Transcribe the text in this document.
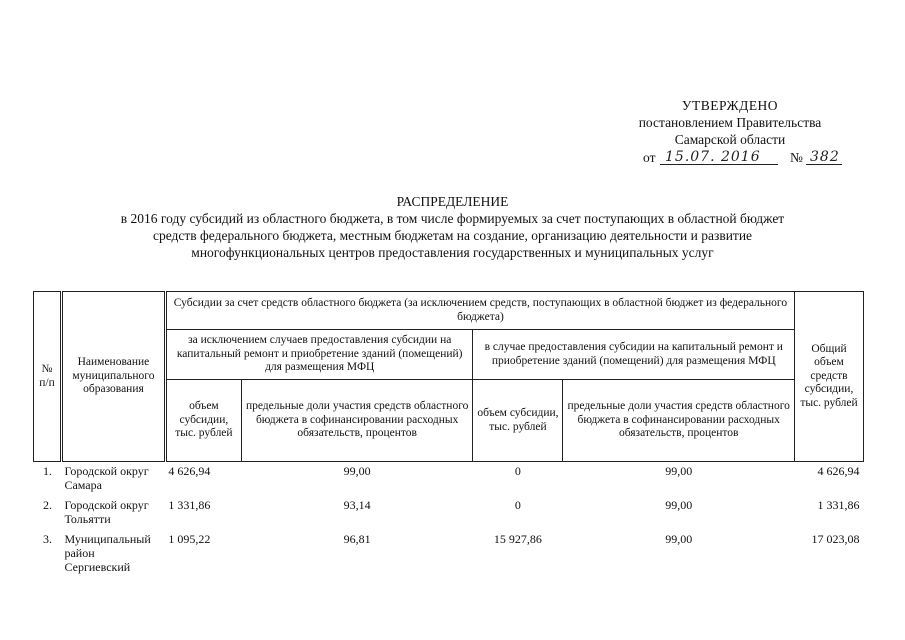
УТВЕРЖДЕНО
постановлением Правительства
Самарской области
от 15.07. 2016 № 382
РАСПРЕДЕЛЕНИЕ
в 2016 году субсидий из областного бюджета, в том числе формируемых за счет поступающих в областной бюджет
средств федерального бюджета, местным бюджетам на создание, организацию деятельности и развитие
многофункциональных центров предоставления государственных и муниципальных услуг
№ п/п	Наименование муниципального образования	Субсидии за счет средств областного бюджета (за исключением средств, поступающих в областной бюджет из федерального бюджета)				Общий объем средств субсидии, тыс. рублей
		за исключением случаев предоставления субсидии на капитальный ремонт и приобретение зданий (помещений) для размещения МФЦ		в случае предоставления субсидии на капитальный ремонт и приобретение зданий (помещений) для размещения МФЦ		
		объем субсидии, тыс. рублей	предельные доли участия средств областного бюджета в софинансировании расходных обязательств, процентов	объем субсидии, тыс. рублей	предельные доли участия средств областного бюджета в софинансировании расходных обязательств, процентов	
1.	Городской округ Самара	4 626,94	99,00	0	99,00	4 626,94
2.	Городской округ Тольятти	1 331,86	93,14	0	99,00	1 331,86
3.	Муниципальный район Сергиевский	1 095,22	96,81	15 927,86	99,00	17 023,08
